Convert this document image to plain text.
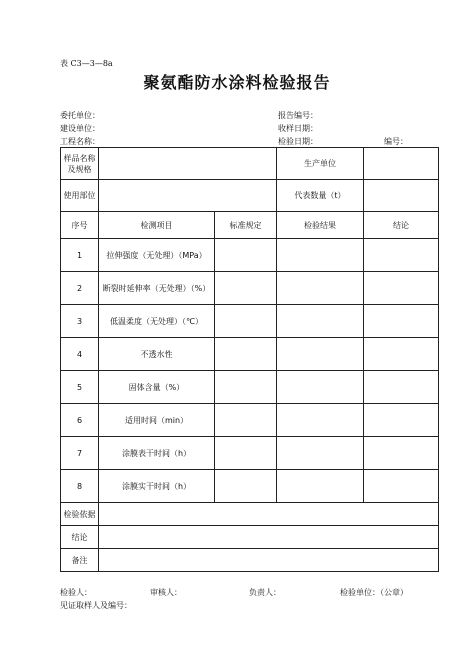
表 C3—3—8a
聚氨酯防水涂料检验报告
委托单位：	报告编号：
建设单位：	收样日期：
工程名称：	检验日期：	编号：
样品名称
及规格			生产单位	
使用部位			代表数量（t）	
序号	检测项目	标准规定	检验结果	结论
1	拉伸强度（无处理）（MPa）			
2	断裂时延伸率（无处理）（%）			
3	低温柔度（无处理）（℃）			
4	不透水性			
5	固体含量（%）			
6	适用时间（min）			
7	涂膜表干时间（h）			
8	涂膜实干时间（h）			
检验依据				
结论				
备注				
检验人：	审核人：	负责人：	检验单位：（公章）
见证取样人及编号：
